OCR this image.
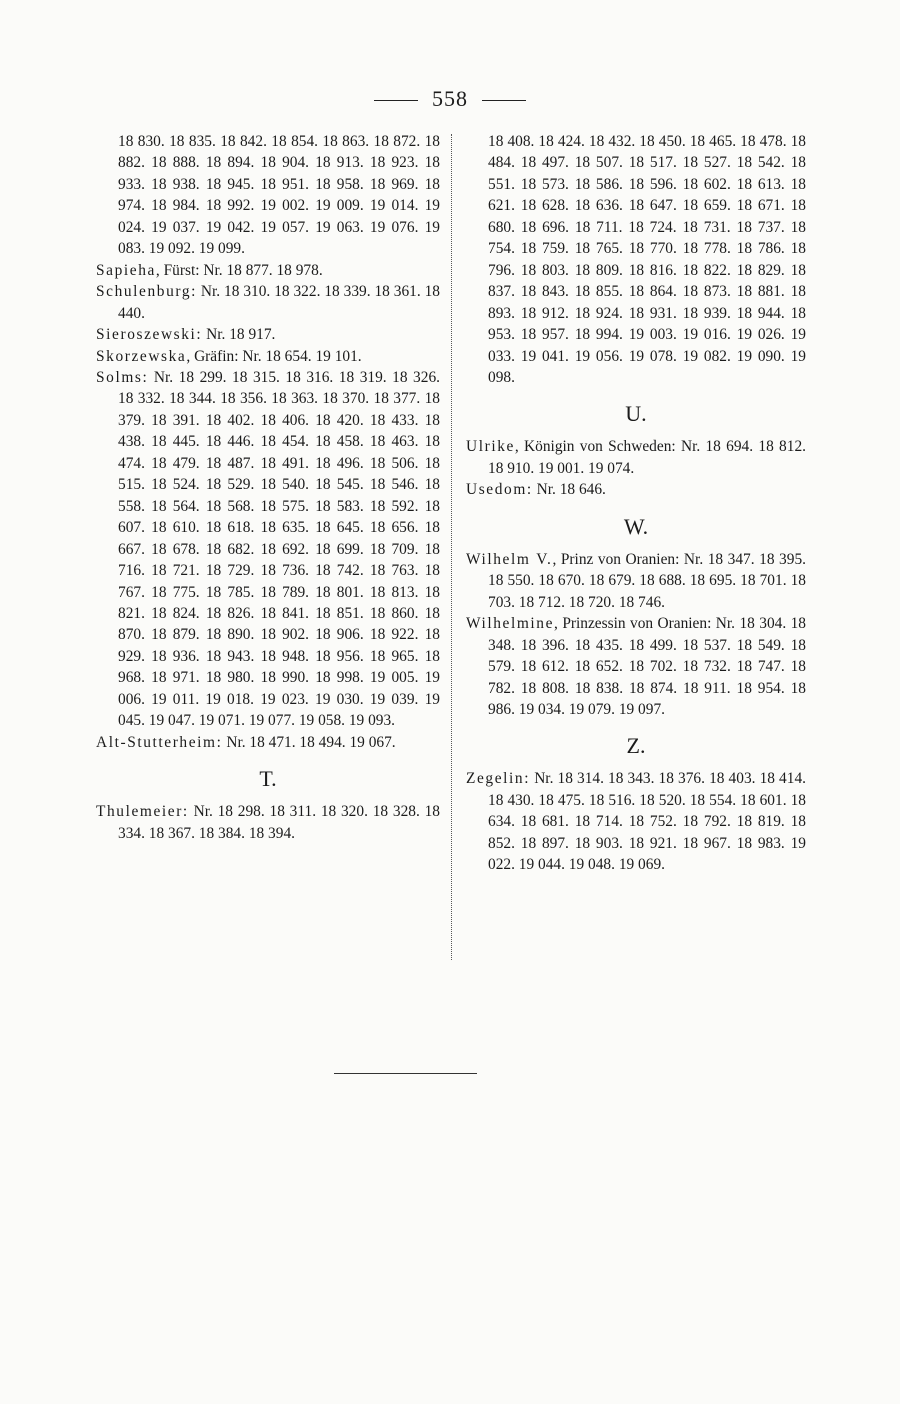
558

18 830. 18 835. 18 842. 18 854. 18 863. 18 872. 18 882. 18 888. 18 894. 18 904. 18 913. 18 923. 18 933. 18 938. 18 945. 18 951. 18 958. 18 969. 18 974. 18 984. 18 992. 19 002. 19 009. 19 014. 19 024. 19 037. 19 042. 19 057. 19 063. 19 076. 19 083. 19 092. 19 099.

Sapieha, Fürst: Nr. 18 877. 18 978.

Schulenburg: Nr. 18 310. 18 322. 18 339. 18 361. 18 440.

Sieroszewski: Nr. 18 917.

Skorzewska, Gräfin: Nr. 18 654. 19 101.

Solms: Nr. 18 299. 18 315. 18 316. 18 319. 18 326. 18 332. 18 344. 18 356. 18 363. 18 370. 18 377. 18 379. 18 391. 18 402. 18 406. 18 420. 18 433. 18 438. 18 445. 18 446. 18 454. 18 458. 18 463. 18 474. 18 479. 18 487. 18 491. 18 496. 18 506. 18 515. 18 524. 18 529. 18 540. 18 545. 18 546. 18 558. 18 564. 18 568. 18 575. 18 583. 18 592. 18 607. 18 610. 18 618. 18 635. 18 645. 18 656. 18 667. 18 678. 18 682. 18 692. 18 699. 18 709. 18 716. 18 721. 18 729. 18 736. 18 742. 18 763. 18 767. 18 775. 18 785. 18 789. 18 801. 18 813. 18 821. 18 824. 18 826. 18 841. 18 851. 18 860. 18 870. 18 879. 18 890. 18 902. 18 906. 18 922. 18 929. 18 936. 18 943. 18 948. 18 956. 18 965. 18 968. 18 971. 18 980. 18 990. 18 998. 19 005. 19 006. 19 011. 19 018. 19 023. 19 030. 19 039. 19 045. 19 047. 19 071. 19 077. 19 058. 19 093.

Alt-Stutterheim: Nr. 18 471. 18 494. 19 067.

T.

Thulemeier: Nr. 18 298. 18 311. 18 320. 18 328. 18 334. 18 367. 18 384. 18 394.

18 408. 18 424. 18 432. 18 450. 18 465. 18 478. 18 484. 18 497. 18 507. 18 517. 18 527. 18 542. 18 551. 18 573. 18 586. 18 596. 18 602. 18 613. 18 621. 18 628. 18 636. 18 647. 18 659. 18 671. 18 680. 18 696. 18 711. 18 724. 18 731. 18 737. 18 754. 18 759. 18 765. 18 770. 18 778. 18 786. 18 796. 18 803. 18 809. 18 816. 18 822. 18 829. 18 837. 18 843. 18 855. 18 864. 18 873. 18 881. 18 893. 18 912. 18 924. 18 931. 18 939. 18 944. 18 953. 18 957. 18 994. 19 003. 19 016. 19 026. 19 033. 19 041. 19 056. 19 078. 19 082. 19 090. 19 098.

U.

Ulrike, Königin von Schweden: Nr. 18 694. 18 812. 18 910. 19 001. 19 074.

Usedom: Nr. 18 646.

W.

Wilhelm V., Prinz von Oranien: Nr. 18 347. 18 395. 18 550. 18 670. 18 679. 18 688. 18 695. 18 701. 18 703. 18 712. 18 720. 18 746.

Wilhelmine, Prinzessin von Oranien: Nr. 18 304. 18 348. 18 396. 18 435. 18 499. 18 537. 18 549. 18 579. 18 612. 18 652. 18 702. 18 732. 18 747. 18 782. 18 808. 18 838. 18 874. 18 911. 18 954. 18 986. 19 034. 19 079. 19 097.

Z.

Zegelin: Nr. 18 314. 18 343. 18 376. 18 403. 18 414. 18 430. 18 475. 18 516. 18 520. 18 554. 18 601. 18 634. 18 681. 18 714. 18 752. 18 792. 18 819. 18 852. 18 897. 18 903. 18 921. 18 967. 18 983. 19 022. 19 044. 19 048. 19 069.
